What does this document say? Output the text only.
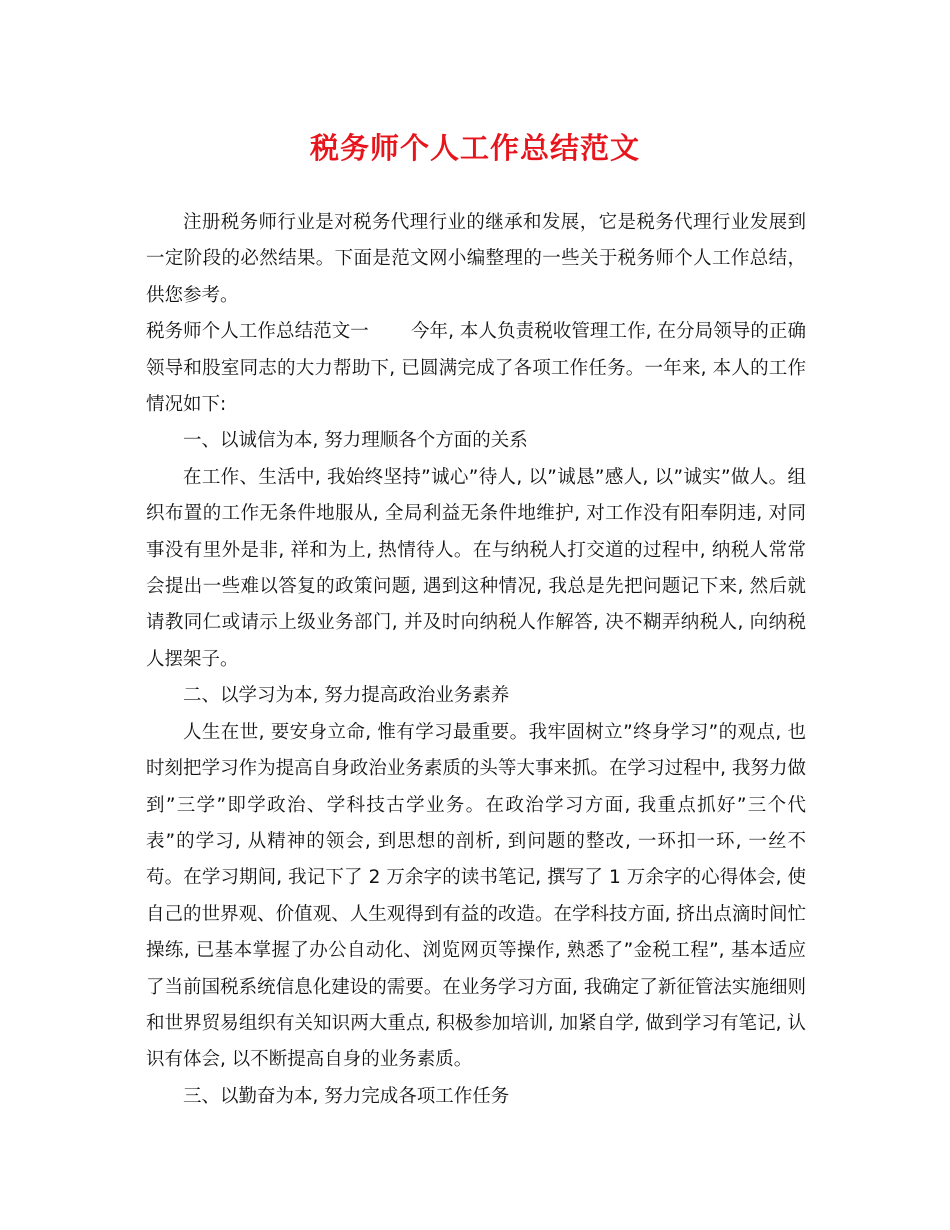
税务师个人工作总结范文

注册税务师行业是对税务代理行业的继承和发展，它是税务代理行业发展到一定阶段的必然结果。下面是范文网小编整理的一些关于税务师个人工作总结，供您参考。

税务师个人工作总结范文一 今年, 本人负责税收管理工作, 在分局领导的正确领导和股室同志的大力帮助下, 已圆满完成了各项工作任务。一年来, 本人的工作情况如下:

一、以诚信为本, 努力理顺各个方面的关系

在工作、生活中, 我始终坚持”诚心”待人, 以”诚恳”感人, 以”诚实”做人。组织布置的工作无条件地服从, 全局利益无条件地维护, 对工作没有阳奉阴违, 对同事没有里外是非, 祥和为上, 热情待人。在与纳税人打交道的过程中, 纳税人常常会提出一些难以答复的政策问题, 遇到这种情况, 我总是先把问题记下来, 然后就请教同仁或请示上级业务部门, 并及时向纳税人作解答, 决不糊弄纳税人, 向纳税人摆架子。

二、以学习为本, 努力提高政治业务素养

人生在世, 要安身立命, 惟有学习最重要。我牢固树立”终身学习”的观点, 也时刻把学习作为提高自身政治业务素质的头等大事来抓。在学习过程中, 我努力做到”三学”即学政治、学科技古学业务。在政治学习方面, 我重点抓好”三个代表”的学习, 从精神的领会, 到思想的剖析, 到问题的整改, 一环扣一环, 一丝不苟。在学习期间, 我记下了 2 万余字的读书笔记, 撰写了 1 万余字的心得体会, 使自己的世界观、价值观、人生观得到有益的改造。在学科技方面, 挤出点滴时间忙操练, 已基本掌握了办公自动化、浏览网页等操作, 熟悉了”金税工程”, 基本适应了当前国税系统信息化建设的需要。在业务学习方面, 我确定了新征管法实施细则和世界贸易组织有关知识两大重点, 积极参加培训, 加紧自学, 做到学习有笔记, 认识有体会, 以不断提高自身的业务素质。

三、以勤奋为本, 努力完成各项工作任务
